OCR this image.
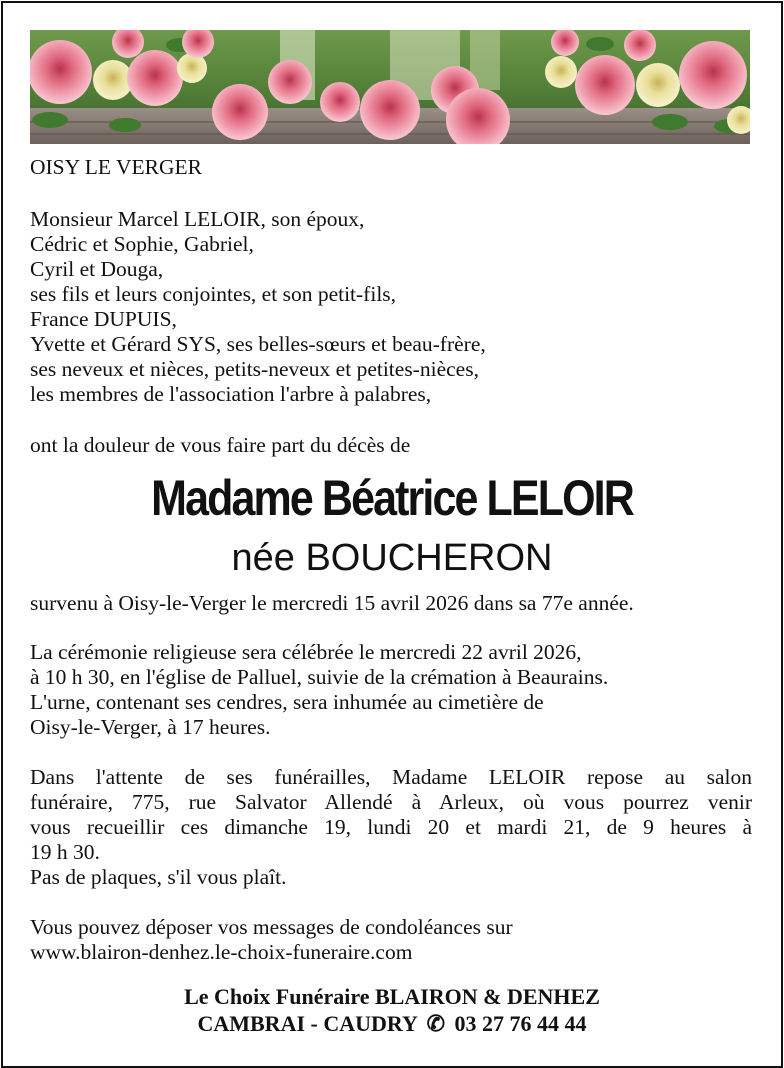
OISY LE VERGER
Monsieur Marcel LELOIR, son époux,
Cédric et Sophie, Gabriel,
Cyril et Douga,
ses fils et leurs conjointes, et son petit-fils,
France DUPUIS,
Yvette et Gérard SYS, ses belles-sœurs et beau-frère,
ses neveux et nièces, petits-neveux et petites-nièces,
les membres de l'association l'arbre à palabres,
ont la douleur de vous faire part du décès de
Madame Béatrice LELOIR
née BOUCHERON
survenu à Oisy-le-Verger le mercredi 15 avril 2026 dans sa 77e année.
La cérémonie religieuse sera célébrée le mercredi 22 avril 2026,
à 10 h 30, en l'église de Palluel, suivie de la crémation à Beaurains.
L'urne, contenant ses cendres, sera inhumée au cimetière de
Oisy-le-Verger, à 17 heures.
Dans l'attente de ses funérailles, Madame LELOIR repose au salon
funéraire, 775, rue Salvator Allendé à Arleux, où vous pourrez venir
vous recueillir ces dimanche 19, lundi 20 et mardi 21, de 9 heures à
19 h 30.
Pas de plaques, s'il vous plaît.
Vous pouvez déposer vos messages de condoléances sur
www.blairon-denhez.le-choix-funeraire.com
Le Choix Funéraire BLAIRON & DENHEZ
CAMBRAI - CAUDRY ✆ 03 27 76 44 44
